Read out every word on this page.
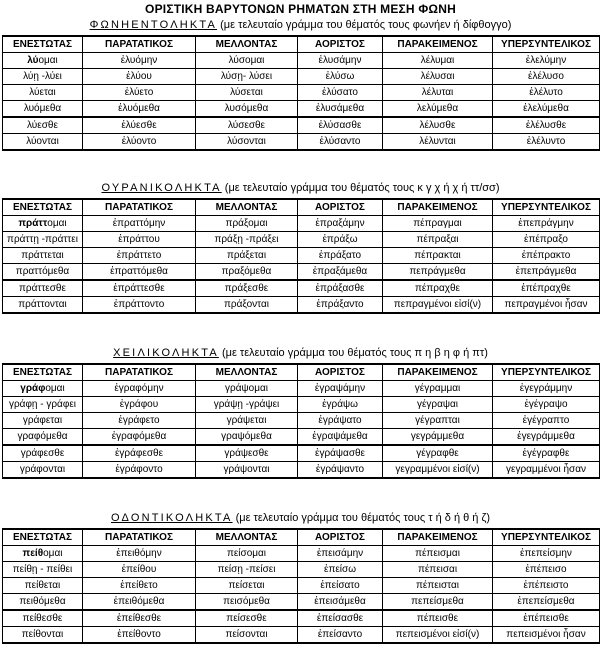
ΟΡΙΣΤΙΚΗ ΒΑΡΥΤΟΝΩΝ ΡΗΜΑΤΩΝ ΣΤΗ ΜΕΣΗ ΦΩΝΗ
ΦΩΝΗΕΝΤΟΛΗΚΤΑ (με τελευταίο γράμμα του θέματός τους φωνήεν ή δίφθογγο)
ΕΝΕΣΤΩΤΑΣ	ΠΑΡΑΤΑΤΙΚΟΣ	ΜΕΛΛΟΝΤΑΣ	ΑΟΡΙΣΤΟΣ	ΠΑΡΑΚΕΙΜΕΝΟΣ	ΥΠΕΡΣΥΝΤΕΛΙΚΟΣ
λύομαι	ἐλυόμην	λύσομαι	ἐλυσάμην	λέλυμαι	ἐλελύμην
λύῃ -λύει	ἐλύου	λύσῃ- λύσει	ἐλύσω	λέλυσαι	ἐλέλυσο
λύεται	ἐλύετο	λύσεται	ἐλύσατο	λέλυται	ἐλέλυτο
λυόμεθα	ἐλυόμεθα	λυσόμεθα	ἐλυσάμεθα	λελύμεθα	ἐλελύμεθα
λύεσθε	ἐλύεσθε	λύσεσθε	ἐλύσασθε	λέλυσθε	ἐλέλυσθε
λύονται	ἐλύοντο	λύσονται	ἐλύσαντο	λέλυνται	ἐλέλυντο
ΟΥΡΑΝΙΚΟΛΗΚΤΑ (με τελευταίο γράμμα του θέματός τους κ γ χ ή χ ή ττ/σσ)
ΕΝΕΣΤΩΤΑΣ	ΠΑΡΑΤΑΤΙΚΟΣ	ΜΕΛΛΟΝΤΑΣ	ΑΟΡΙΣΤΟΣ	ΠΑΡΑΚΕΙΜΕΝΟΣ	ΥΠΕΡΣΥΝΤΕΛΙΚΟΣ
πράττομαι	ἐπραττόμην	πράξομαι	ἐπραξάμην	πέπραγμαι	ἐπεπράγμην
πράττῃ -πράττει	ἐπράττου	πράξῃ -πράξει	ἐπράξω	πέπραξαι	ἐπέπραξο
πράττεται	ἐπράττετο	πράξεται	ἐπράξατο	πέπρακται	ἐπέπρακτο
πραττόμεθα	ἐπραττόμεθα	πραξόμεθα	ἐπραξάμεθα	πεπράγμεθα	ἐπεπράγμεθα
πράττεσθε	ἐπράττεσθε	πράξεσθε	ἐπράξασθε	πέπραχθε	ἐπέπραχθε
πράττονται	ἐπράττοντο	πράξονται	ἐπράξαντο	πεπραγμένοι εἰσί(ν)	πεπραγμένοι ἦσαν
ΧΕΙΛΙΚΟΛΗΚΤΑ (με τελευταίο γράμμα του θέματός τους π η β η φ ή πτ)
ΕΝΕΣΤΩΤΑΣ	ΠΑΡΑΤΑΤΙΚΟΣ	ΜΕΛΛΟΝΤΑΣ	ΑΟΡΙΣΤΟΣ	ΠΑΡΑΚΕΙΜΕΝΟΣ	ΥΠΕΡΣΥΝΤΕΛΙΚΟΣ
γράφομαι	ἐγραφόμην	γράψομαι	ἐγραψάμην	γέγραμμαι	ἐγεγράμμην
γράφῃ - γράφει	ἐγράφου	γράψῃ -γράψει	ἐγράψω	γέγραψαι	ἐγέγραψο
γράφεται	ἐγράφετο	γράψεται	ἐγράψατο	γέγραπται	ἐγέγραπτο
γραφόμεθα	ἐγραφόμεθα	γραψόμεθα	ἐγραψάμεθα	γεγράμμεθα	ἐγεγράμμεθα
γράφεσθε	ἐγράφεσθε	γράψεσθε	ἐγράψασθε	γέγραφθε	ἐγέγραφθε
γράφονται	ἐγράφοντο	γράψονται	ἐγράψαντο	γεγραμμένοι εἰσί(ν)	γεγραμμένοι ἦσαν
ΟΔΟΝΤΙΚΟΛΗΚΤΑ (με τελευταίο γράμμα του θέματός τους τ ή δ ή θ ή ζ)
ΕΝΕΣΤΩΤΑΣ	ΠΑΡΑΤΑΤΙΚΟΣ	ΜΕΛΛΟΝΤΑΣ	ΑΟΡΙΣΤΟΣ	ΠΑΡΑΚΕΙΜΕΝΟΣ	ΥΠΕΡΣΥΝΤΕΛΙΚΟΣ
πείθομαι	ἐπειθόμην	πείσομαι	ἐπεισάμην	πέπεισμαι	ἐπεπείσμην
πείθῃ - πείθει	ἐπείθου	πείσῃ -πείσει	ἐπείσω	πέπεισαι	ἐπέπεισο
πείθεται	ἐπείθετο	πείσεται	ἐπείσατο	πέπεισται	ἐπέπειστο
πειθόμεθα	ἐπειθόμεθα	πεισόμεθα	ἐπεισάμεθα	πεπείσμεθα	ἐπεπείσμεθα
πείθεσθε	ἐπείθεσθε	πείσεσθε	ἐπείσασθε	πέπεισθε	ἐπέπεισθε
πείθονται	ἐπείθοντο	πείσονται	ἐπείσαντο	πεπεισμένοι εἰσί(ν)	πεπεισμένοι ἦσαν
